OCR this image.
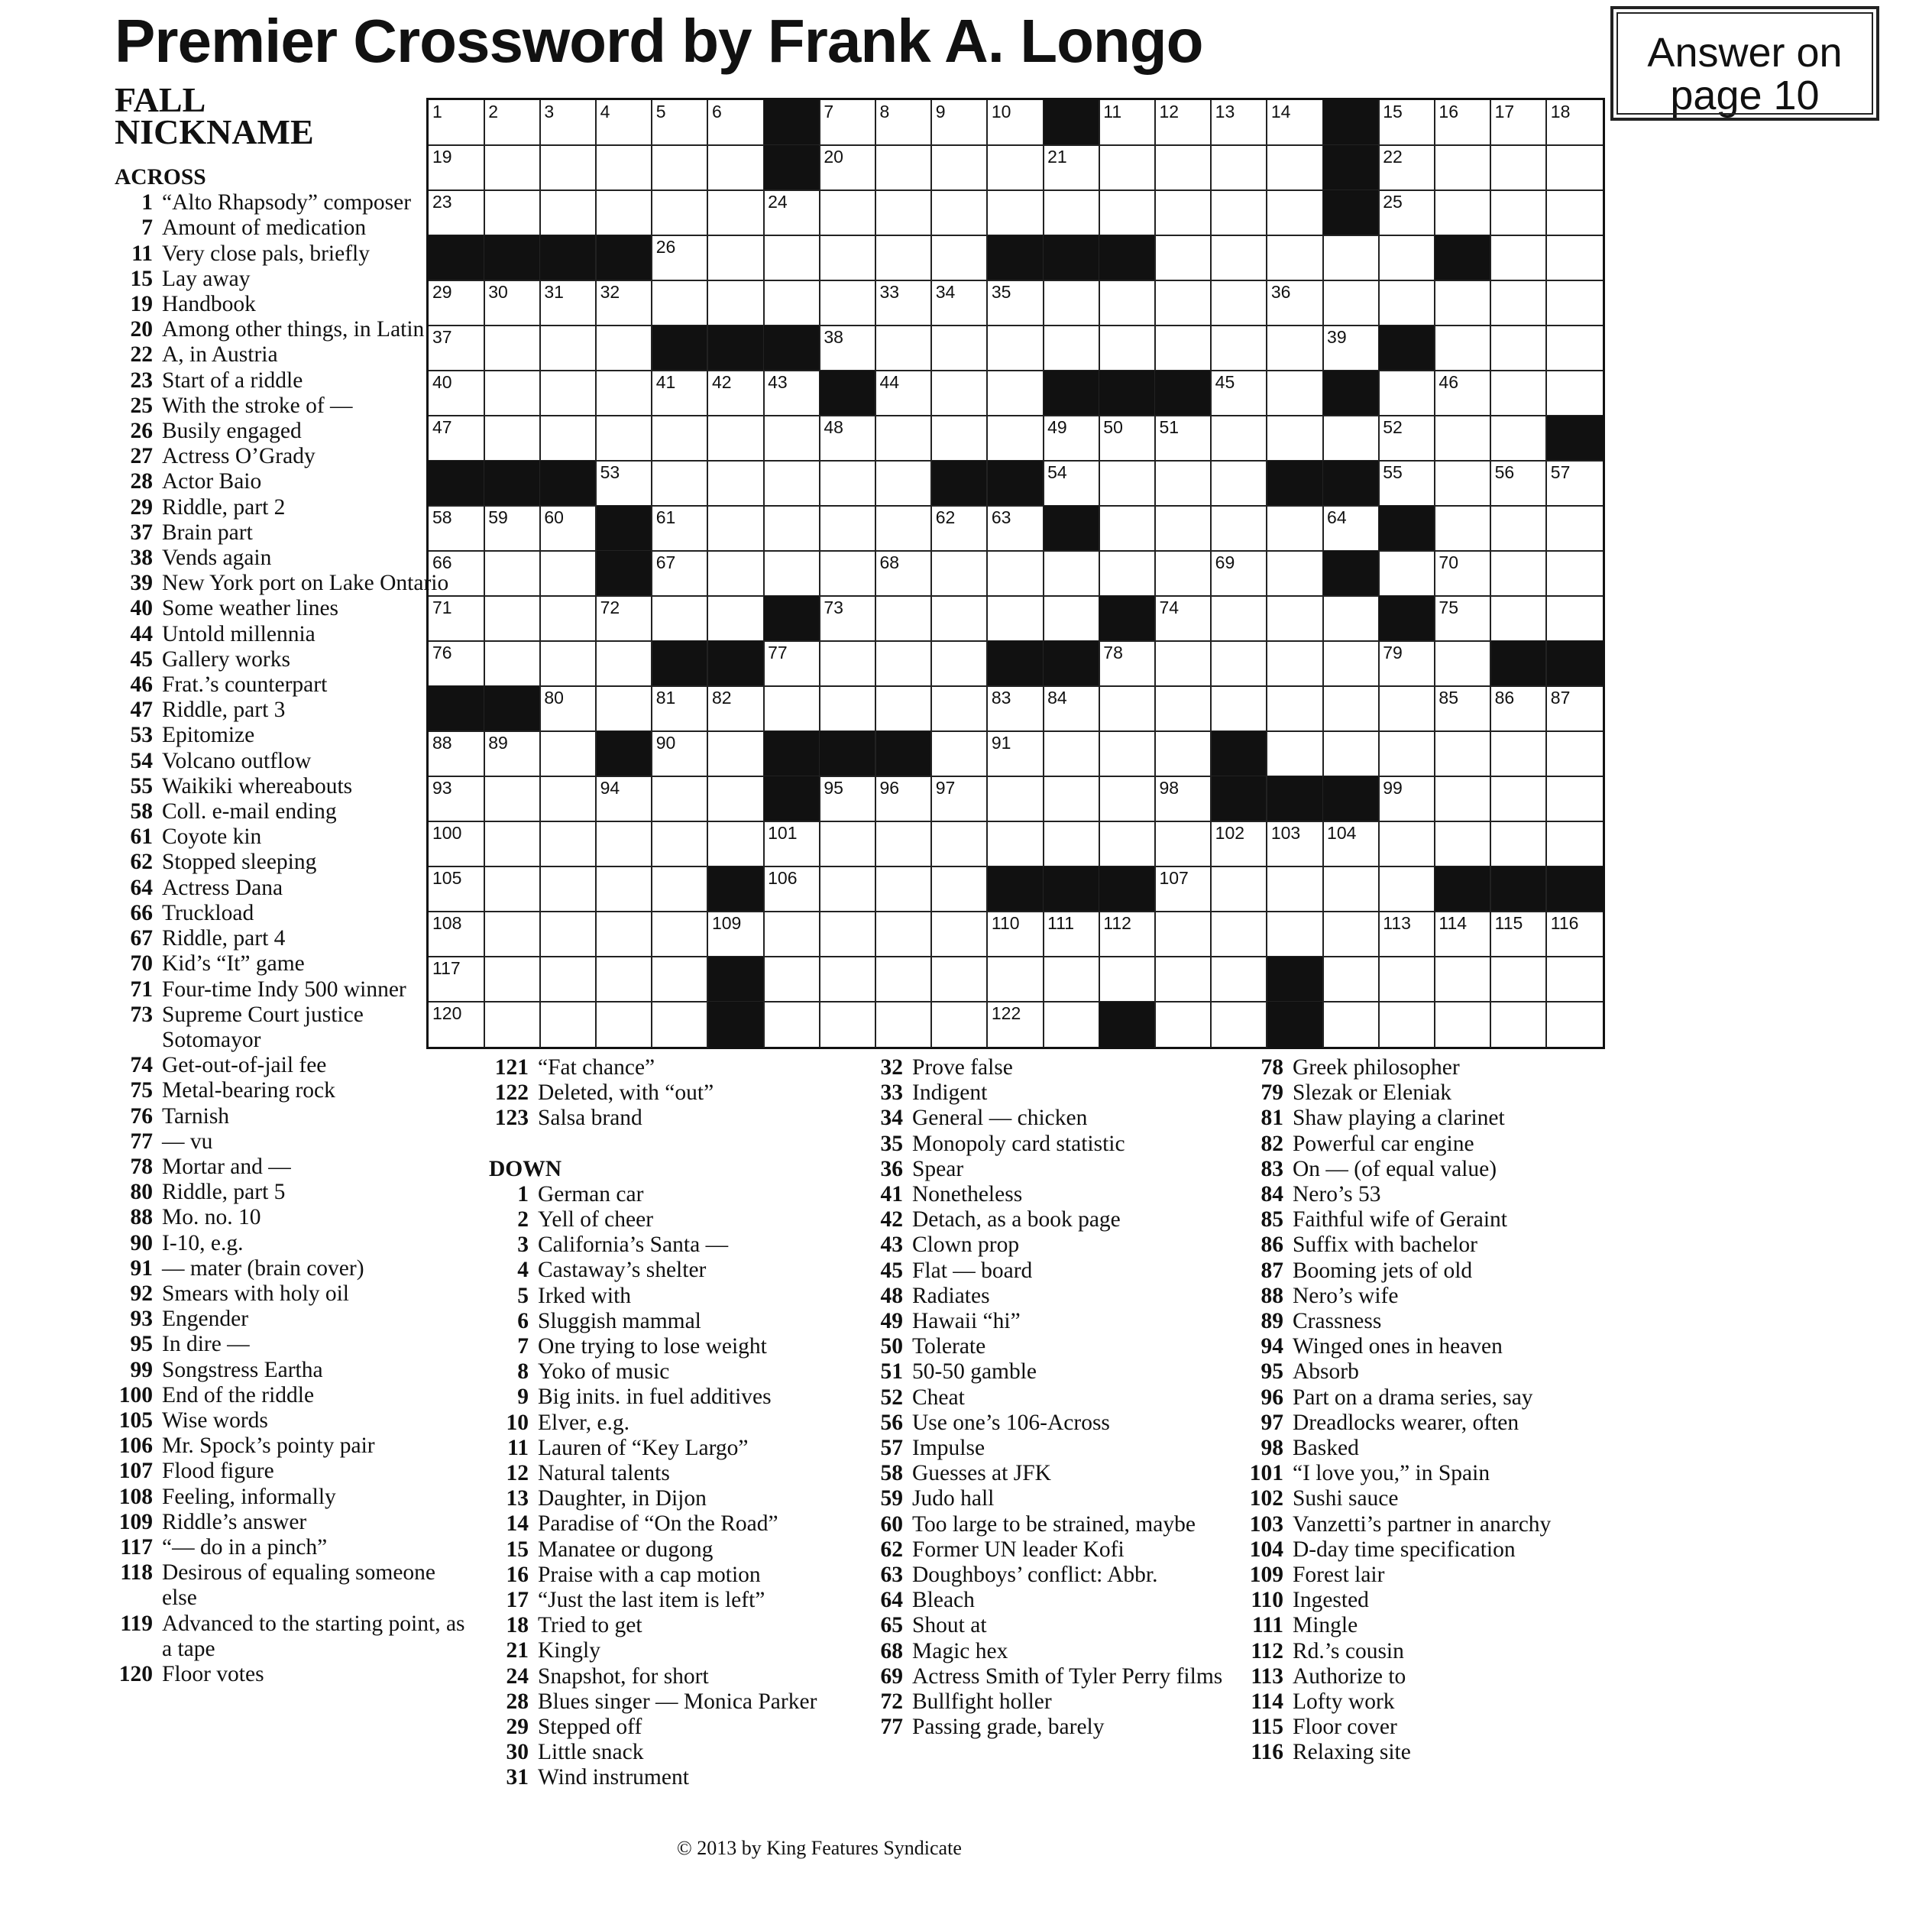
Premier Crossword by Frank A. Longo	Answer on
page 10
FALL
NICKNAME
1	2	3	4	5	6	7	8	9	10	11 12 13 14	15 16 17 18
19	20	21	22
23	24	25
26
29 30 31 32	33 34 35	36
37	38	39
40	41 42 43	44	45	46
47	48	49 50 51	52
53	54	55	56 57
58 59 60	61	62 63	64
66	67	68	69	70
71	72	73	74	75
76	77	78	79
80	81 82	83 84	85 86 87
88 89	90	91
93	94	95 96 97	98	99
100	101	102 103 104
105	106	107
108	109	110 111 112	113 114 115 116
117
120	122
ACROSS
1 “Alto Rhapsody” composer
7 Amount of medication
11 Very close pals, briefly
15 Lay away
19 Handbook
20 Among other things, in Latin
22 A, in Austria
23 Start of a riddle
25 With the stroke of —
26 Busily engaged
27 Actress O’Grady
28 Actor Baio
29 Riddle, part 2
37 Brain part
38 Vends again
39 New York port on Lake Ontario
40 Some weather lines
44 Untold millennia
45 Gallery works
46 Frat.’s counterpart
47 Riddle, part 3
53 Epitomize
54 Volcano outflow
55 Waikiki whereabouts
58 Coll. e-mail ending
61 Coyote kin
62 Stopped sleeping
64 Actress Dana
66 Truckload
67 Riddle, part 4
70 Kid’s “It” game
71 Four-time Indy 500 winner
73 Supreme Court justice Sotomayor
74 Get-out-of-jail fee
75 Metal-bearing rock
76 Tarnish
77 — vu
78 Mortar and —
80 Riddle, part 5
88 Mo. no. 10
90 I-10, e.g.
91 — mater (brain cover)
92 Smears with holy oil
93 Engender
95 In dire —
99 Songstress Eartha
100 End of the riddle
105 Wise words
106 Mr. Spock’s pointy pair
107 Flood figure
108 Feeling, informally
109 Riddle’s answer
117 “— do in a pinch”
118 Desirous of equaling someone else
119 Advanced to the starting point, as a tape
120 Floor votes
121 “Fat chance”
122 Deleted, with “out”
123 Salsa brand
DOWN
1 German car
2 Yell of cheer
3 California’s Santa —
4 Castaway’s shelter
5 Irked with
6 Sluggish mammal
7 One trying to lose weight
8 Yoko of music
9 Big inits. in fuel additives
10 Elver, e.g.
11 Lauren of “Key Largo”
12 Natural talents
13 Daughter, in Dijon
14 Paradise of “On the Road”
15 Manatee or dugong
16 Praise with a cap motion
17 “Just the last item is left”
18 Tried to get
21 Kingly
24 Snapshot, for short
28 Blues singer — Monica Parker
29 Stepped off
30 Little snack
31 Wind instrument
32 Prove false
33 Indigent
34 General — chicken
35 Monopoly card statistic
36 Spear
41 Nonetheless
42 Detach, as a book page
43 Clown prop
45 Flat — board
48 Radiates
49 Hawaii “hi”
50 Tolerate
51 50-50 gamble
52 Cheat
56 Use one’s 106-Across
57 Impulse
58 Guesses at JFK
59 Judo hall
60 Too large to be strained, maybe
62 Former UN leader Kofi
63 Doughboys’ conflict: Abbr.
64 Bleach
65 Shout at
68 Magic hex
69 Actress Smith of Tyler Perry films
72 Bullfight holler
77 Passing grade, barely
78 Greek philosopher
79 Slezak or Eleniak
81 Shaw playing a clarinet
82 Powerful car engine
83 On — (of equal value)
84 Nero’s 53
85 Faithful wife of Geraint
86 Suffix with bachelor
87 Booming jets of old
88 Nero’s wife
89 Crassness
94 Winged ones in heaven
95 Absorb
96 Part on a drama series, say
97 Dreadlocks wearer, often
98 Basked
101 “I love you,” in Spain
102 Sushi sauce
103 Vanzetti’s partner in anarchy
104 D-day time specification
109 Forest lair
110 Ingested
111 Mingle
112 Rd.’s cousin
113 Authorize to
114 Lofty work
115 Floor cover
116 Relaxing site
© 2013 by King Features Syndicate
